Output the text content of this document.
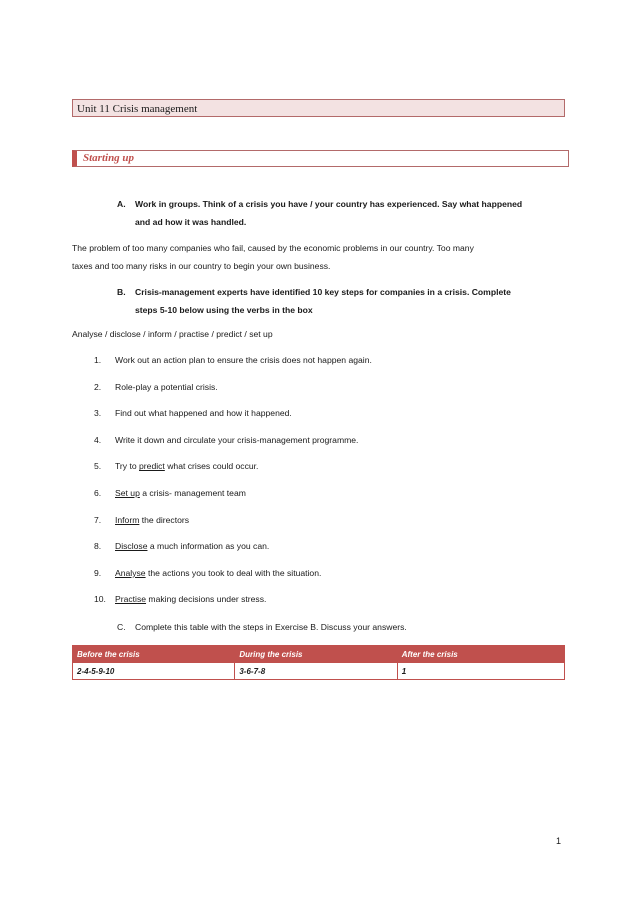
Unit 11 Crisis management
Starting up
A. Work in groups. Think of a crisis you have / your country has experienced. Say what happened
and ad how it was handled.
The problem of too many companies who fail, caused by the economic problems in our country. Too many
taxes and too many risks in our country to begin your own business.
B. Crisis-management experts have identified 10 key steps for companies in a crisis. Complete
steps 5-10 below using the verbs in the box
Analyse / disclose / inform / practise / predict / set up
1. Work out an action plan to ensure the crisis does not happen again.
2. Role-play a potential crisis.
3. Find out what happened and how it happened.
4. Write it down and circulate your crisis-management programme.
5. Try to predict what crises could occur.
6. Set up a crisis- management team
7. Inform the directors
8. Disclose a much information as you can.
9. Analyse the actions you took to deal with the situation.
10. Practise making decisions under stress.
C. Complete this table with the steps in Exercise B. Discuss your answers.
Before the crisis	During the crisis	After the crisis
2-4-5-9-10	3-6-7-8	1
1
